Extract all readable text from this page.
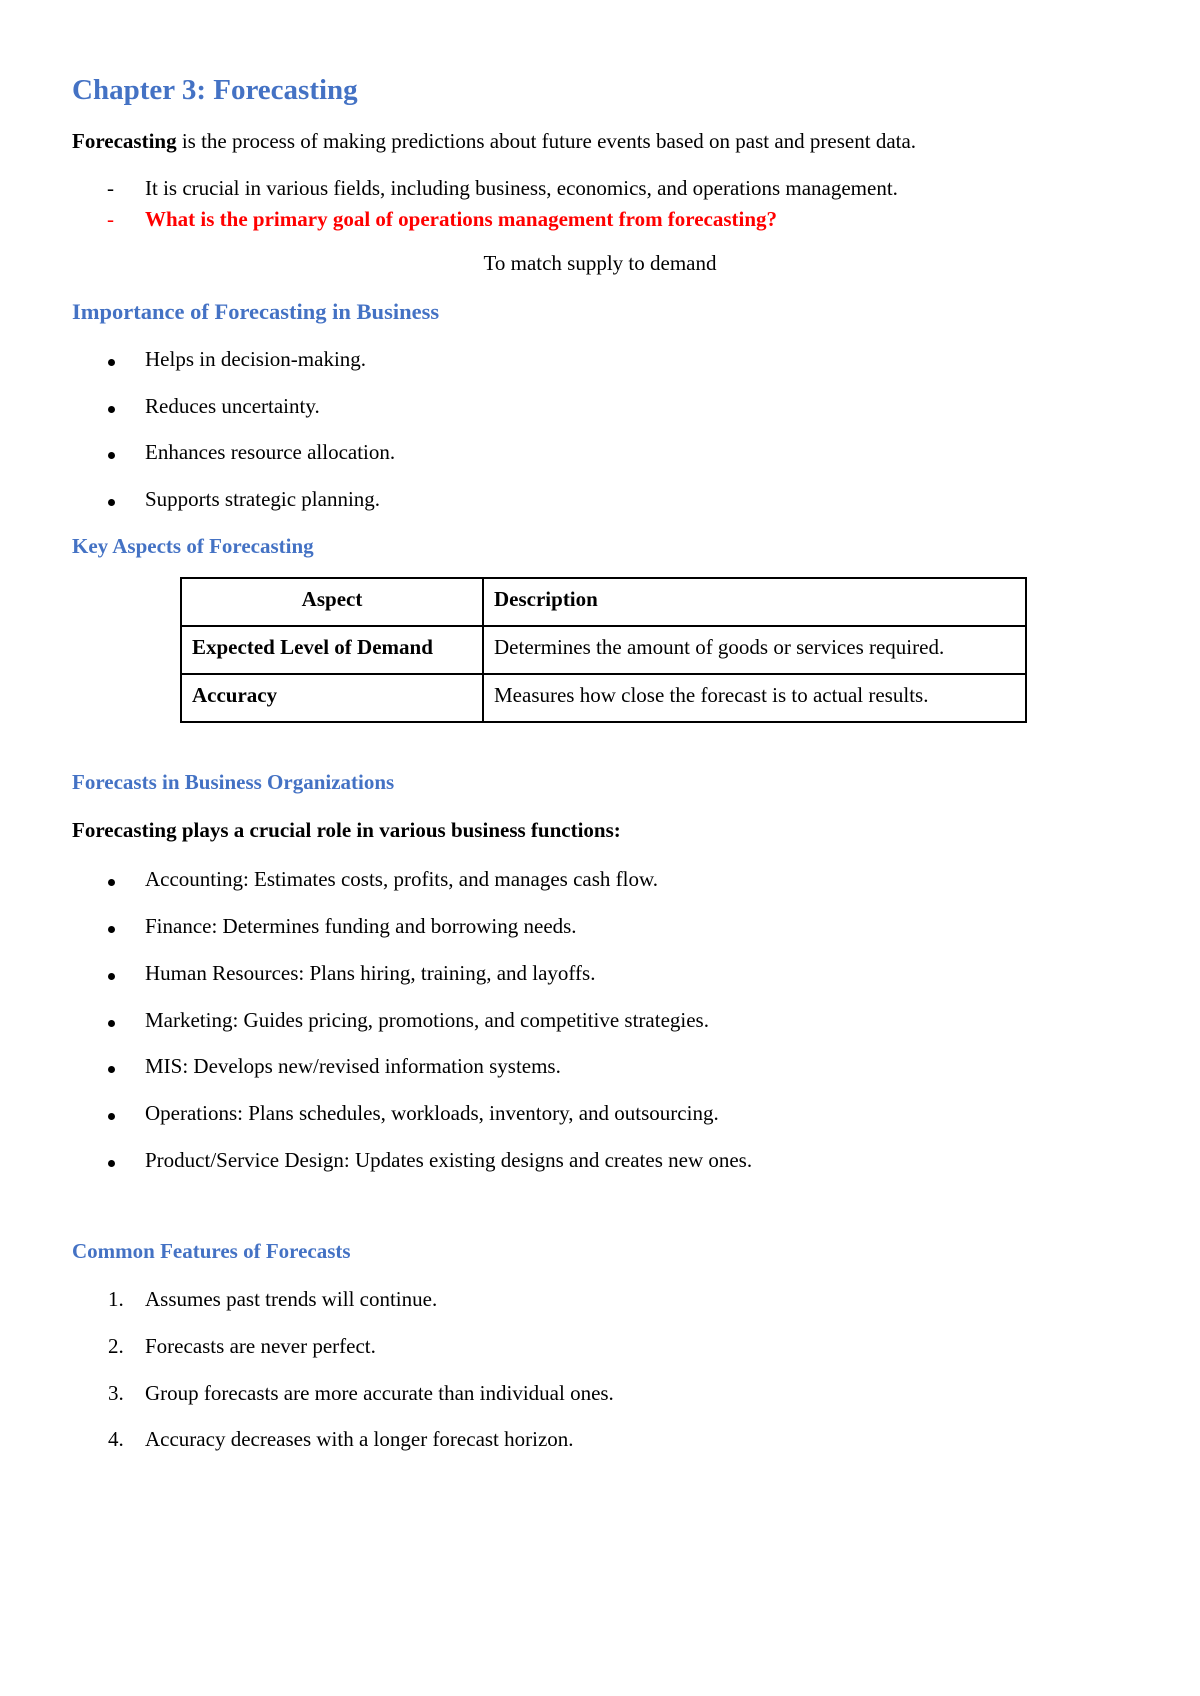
Chapter 3: Forecasting

Forecasting is the process of making predictions about future events based on past and present data.

- It is crucial in various fields, including business, economics, and operations management.
- What is the primary goal of operations management from forecasting?

To match supply to demand

Importance of Forecasting in Business
Helps in decision-making.
Reduces uncertainty.
Enhances resource allocation.
Supports strategic planning.
Key Aspects of Forecasting
Aspect	Description
Expected Level of Demand	Determines the amount of goods or services required.
Accuracy	Measures how close the forecast is to actual results.
Forecasts in Business Organizations

Forecasting plays a crucial role in various business functions:

Accounting: Estimates costs, profits, and manages cash flow.
Finance: Determines funding and borrowing needs.
Human Resources: Plans hiring, training, and layoffs.
Marketing: Guides pricing, promotions, and competitive strategies.
MIS: Develops new/revised information systems.
Operations: Plans schedules, workloads, inventory, and outsourcing.
Product/Service Design: Updates existing designs and creates new ones.
Common Features of Forecasts
1. Assumes past trends will continue.
2. Forecasts are never perfect.
3. Group forecasts are more accurate than individual ones.
4. Accuracy decreases with a longer forecast horizon.
